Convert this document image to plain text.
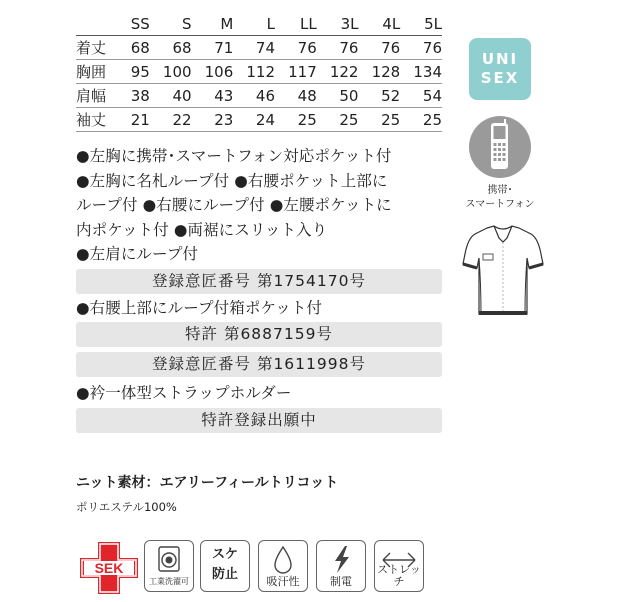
	SS	S	M	L	LL	3L	4L	5L
着丈	68	68	71	74	76	76	76	76
胸囲	95	100	106	112	117	122	128	134
肩幅	38	40	43	46	48	50	52	54
袖丈	21	22	23	24	25	25	25	25
●左胸に携帯･スマートフォン対応ポケット付
●左胸に名札ループ付 ●右腰ポケット上部に
ループ付 ●右腰にループ付 ●左腰ポケットに
内ポケット付 ●両裾にスリット入り
●左肩にループ付
登録意匠番号 第1754170号
●右腰上部にループ付箱ポケット付
特許 第6887159号
登録意匠番号 第1611998号
●衿一体型ストラップホルダー
特許登録出願中
ニット素材：エアリーフィールトリコット
ポリエステル100%
UNI
SEX
携帯･
スマートフォン
SEK
工業洗濯可
スケ
防止	吸汗性	制電
ストレッチ
